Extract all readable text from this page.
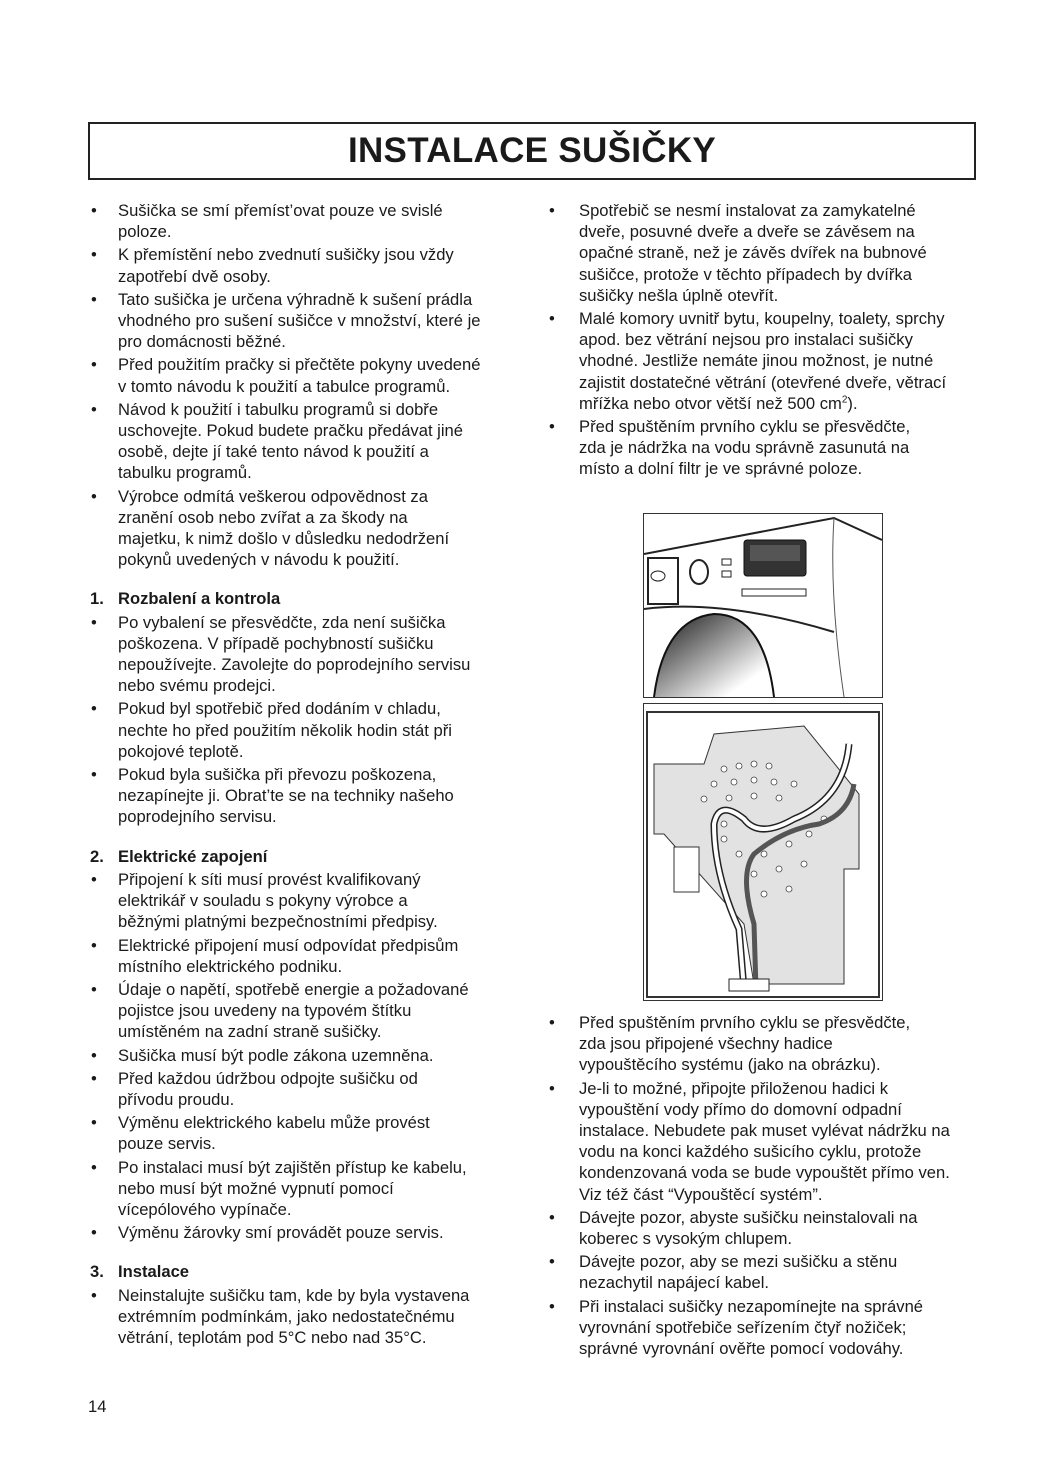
INSTALACE SUŠIČKY
• Sušička se smí přemíst’ovat pouze ve svislé
poloze.
• K přemístění nebo zvednutí sušičky jsou vždy
zapotřebí dvě osoby.
• Tato sušička je určena výhradně k sušení prádla
vhodného pro sušení sušičce v množství, které je
pro domácnosti běžné.
• Před použitím pračky si přečtěte pokyny uvedené
v tomto návodu k použití a tabulce programů.
• Návod k použití i tabulku programů si dobře
uschovejte. Pokud budete pračku předávat jiné
osobě, dejte jí také tento návod k použití a
tabulku programů.
• Výrobce odmítá veškerou odpovědnost za
zranění osob nebo zvířat a za škody na
majetku, k nimž došlo v důsledku nedodržení
pokynů uvedených v návodu k použití.
1. Rozbalení a kontrola
• Po vybalení se přesvědčte, zda není sušička
poškozena. V případě pochybností sušičku
nepoužívejte. Zavolejte do poprodejního servisu
nebo svému prodejci.
• Pokud byl spotřebič před dodáním v chladu,
nechte ho před použitím několik hodin stát při
pokojové teplotě.
• Pokud byla sušička při převozu poškozena,
nezapínejte ji. Obrat’te se na techniky našeho
poprodejního servisu.
2. Elektrické zapojení
• Připojení k síti musí provést kvalifikovaný
elektrikář v souladu s pokyny výrobce a
běžnými platnými bezpečnostními předpisy.
• Elektrické připojení musí odpovídat předpisům
místního elektrického podniku.
• Údaje o napětí, spotřebě energie a požadované
pojistce jsou uvedeny na typovém štítku
umístěném na zadní straně sušičky.
• Sušička musí být podle zákona uzemněna.
• Před každou údržbou odpojte sušičku od
přívodu proudu.
• Výměnu elektrického kabelu může provést
pouze servis.
• Po instalaci musí být zajištěn přístup ke kabelu,
nebo musí být možné vypnutí pomocí
vícepólového vypínače.
• Výměnu žárovky smí provádět pouze servis.
3. Instalace
• Neinstalujte sušičku tam, kde by byla vystavena
extrémním podmínkám, jako nedostatečnému
větrání, teplotám pod 5°C nebo nad 35°C.
• Spotřebič se nesmí instalovat za zamykatelné
dveře, posuvné dveře a dveře se závěsem na
opačné straně, než je závěs dvířek na bubnové
sušičce, protože v těchto případech by dvířka
sušičky nešla úplně otevřít.
• Malé komory uvnitř bytu, koupelny, toalety, sprchy
apod. bez větrání nejsou pro instalaci sušičky
vhodné. Jestliže nemáte jinou možnost, je nutné
zajistit dostatečné větrání (otevřené dveře, větrací
mřížka nebo otvor větší než 500 $cm^2$).
• Před spuštěním prvního cyklu se přesvědčte,
zda je nádržka na vodu správně zasunutá na
místo a dolní filtr je ve správné poloze.
• Před spuštěním prvního cyklu se přesvědčte,
zda jsou připojené všechny hadice
vypouštěcího systému (jako na obrázku).
• Je-li to možné, připojte přiloženou hadici k
vypouštění vody přímo do domovní odpadní
instalace. Nebudete pak muset vylévat nádržku na
vodu na konci každého sušicího cyklu, protože
kondenzovaná voda se bude vypouštět přímo ven.
Viz též část “Vypouštěcí systém”.
• Dávejte pozor, abyste sušičku neinstalovali na
koberec s vysokým chlupem.
• Dávejte pozor, aby se mezi sušičku a stěnu
nezachytil napájecí kabel.
• Při instalaci sušičky nezapomínejte na správné
vyrovnání spotřebiče seřízením čtyř nožiček;
správné vyrovnání ověřte pomocí vodováhy.
14
